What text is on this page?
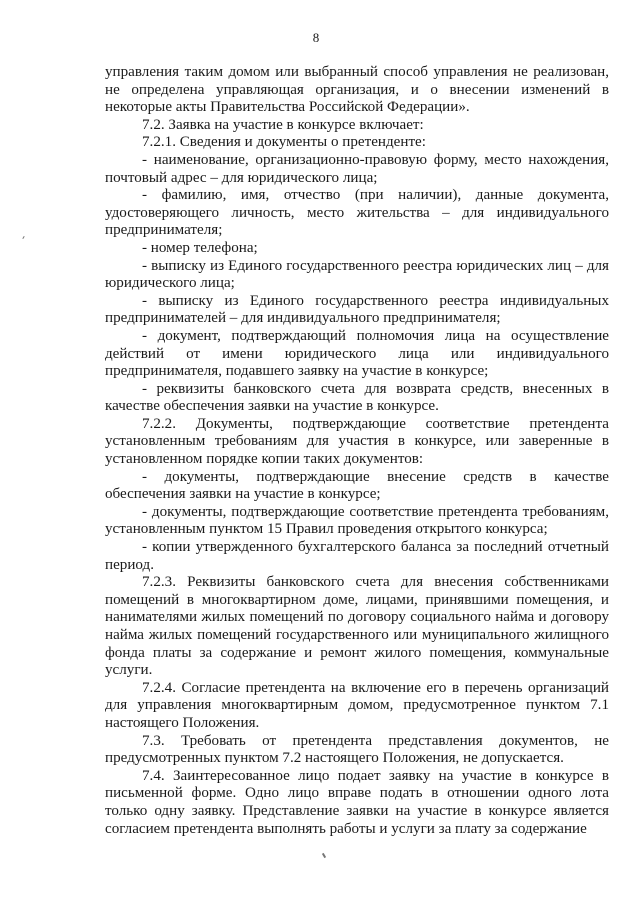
8

управления таким домом или выбранный способ управления не реализован, не определена управляющая организация, и о внесении изменений в некоторые акты Правительства Российской Федерации».

7.2. Заявка на участие в конкурсе включает:

7.2.1. Сведения и документы о претенденте:

- наименование, организационно-правовую форму, место нахождения, почтовый адрес – для юридического лица;

- фамилию, имя, отчество (при наличии), данные документа, удостоверяющего личность, место жительства – для индивидуального предпринимателя;

- номер телефона;

- выписку из Единого государственного реестра юридических лиц – для юридического лица;

- выписку из Единого государственного реестра индивидуальных предпринимателей – для индивидуального предпринимателя;

- документ, подтверждающий полномочия лица на осуществление действий от имени юридического лица или индивидуального предпринимателя, подавшего заявку на участие в конкурсе;

- реквизиты банковского счета для возврата средств, внесенных в качестве обеспечения заявки на участие в конкурсе.

7.2.2. Документы, подтверждающие соответствие претендента установленным требованиям для участия в конкурсе, или заверенные в установленном порядке копии таких документов:

- документы, подтверждающие внесение средств в качестве обеспечения заявки на участие в конкурсе;

- документы, подтверждающие соответствие претендента требованиям, установленным пунктом 15 Правил проведения открытого конкурса;

- копии утвержденного бухгалтерского баланса за последний отчетный период.

7.2.3. Реквизиты банковского счета для внесения собственниками помещений в многоквартирном доме, лицами, принявшими помещения, и нанимателями жилых помещений по договору социального найма и договору найма жилых помещений государственного или муниципального жилищного фонда платы за содержание и ремонт жилого помещения, коммунальные услуги.

7.2.4. Согласие претендента на включение его в перечень организаций для управления многоквартирным домом, предусмотренное пунктом 7.1 настоящего Положения.

7.3. Требовать от претендента представления документов, не предусмотренных пунктом 7.2 настоящего Положения, не допускается.

7.4. Заинтересованное лицо подает заявку на участие в конкурсе в письменной форме. Одно лицо вправе подать в отношении одного лота только одну заявку. Представление заявки на участие в конкурсе является согласием претендента выполнять работы и услуги за плату за содержание
